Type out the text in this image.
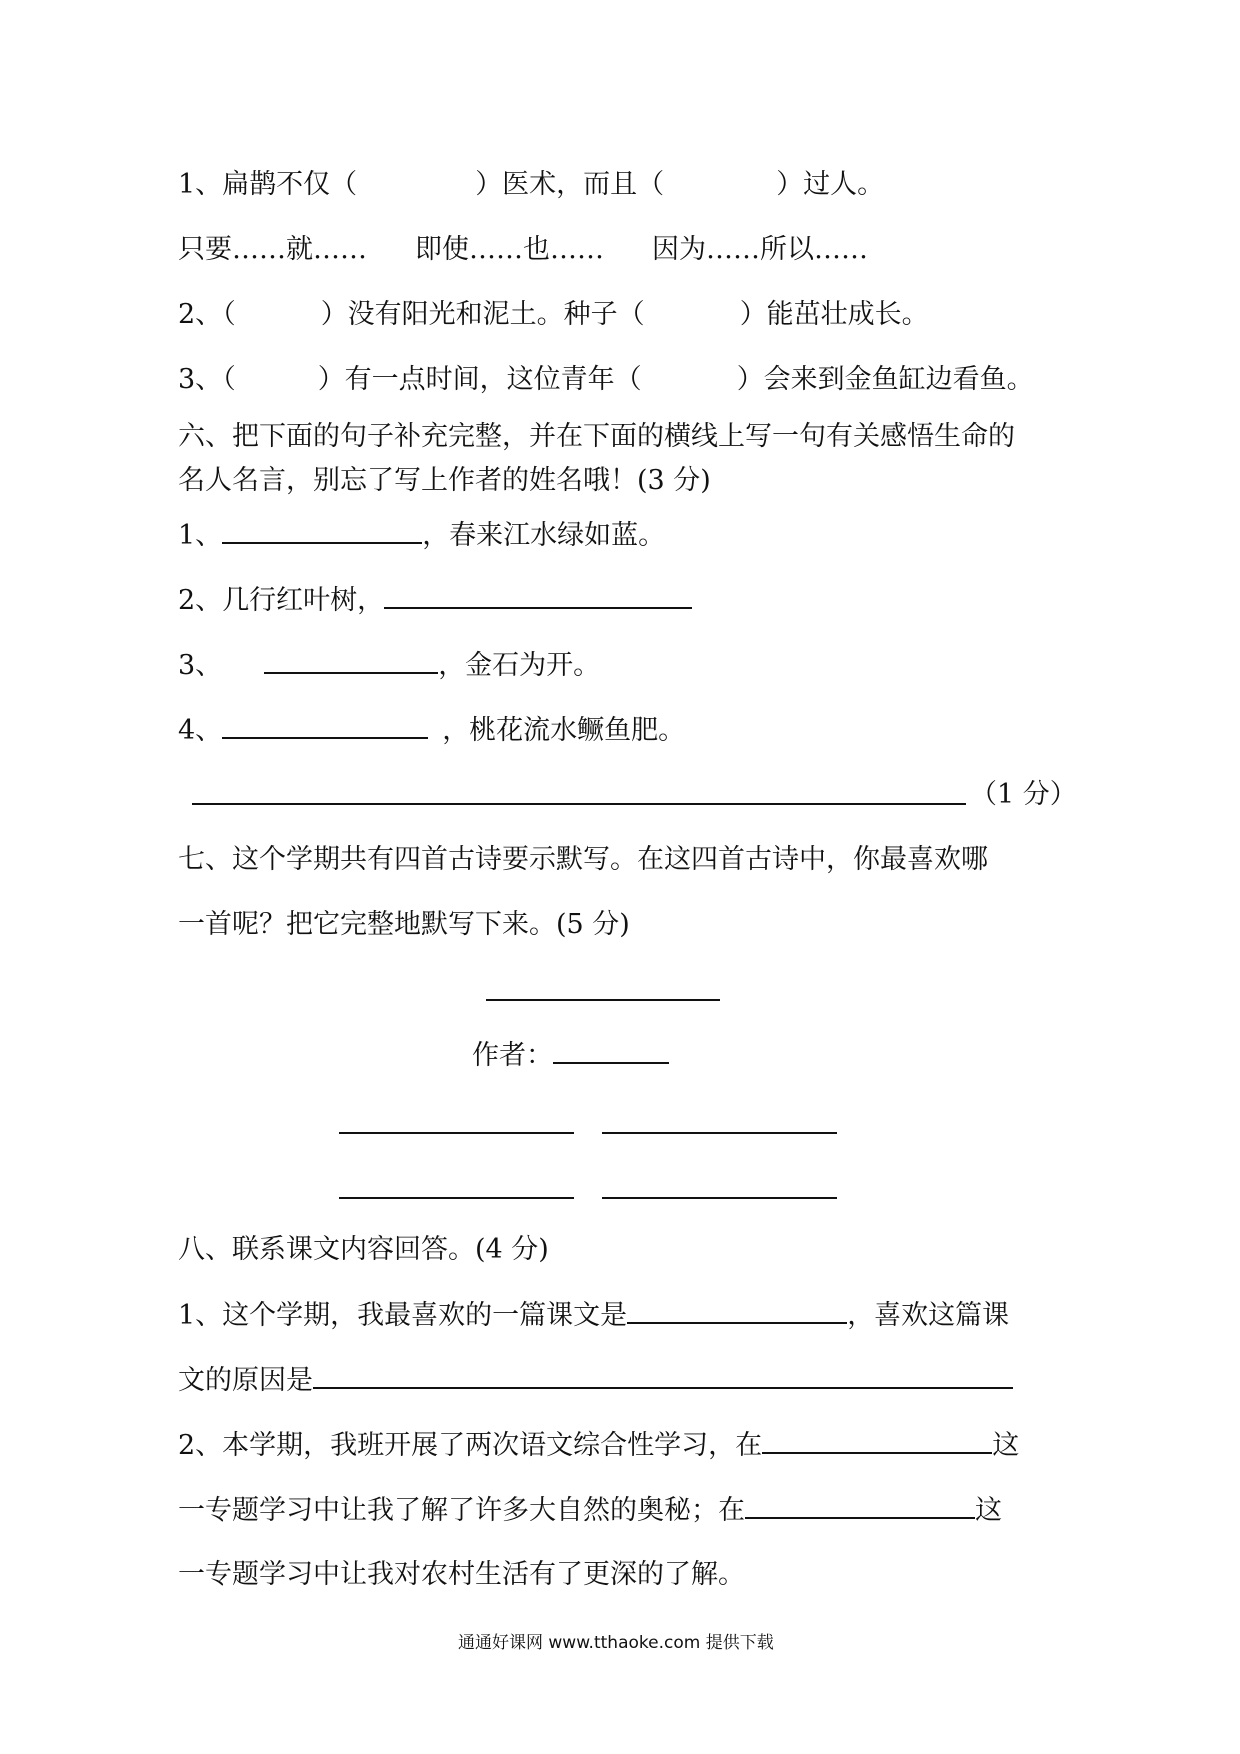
1、扁鹊不仅（	）医术，而且（	）过人。
只要……就…… 即使……也…… 因为……所以……
2、（	）没有阳光和泥土。种子（	）能茁壮成长。
3、（	）有一点时间，这位青年（	）会来到金鱼缸边看鱼。
六、把下面的句子补充完整，并在下面的横线上写一句有关感悟生命的
名人名言，别忘了写上作者的姓名哦！(3 分)
1、	，春来江水绿如蓝。
2、几行红叶树，
3、	，金石为开。
4、	，桃花流水鳜鱼肥。
（1 分）
七、这个学期共有四首古诗要示默写。在这四首古诗中，你最喜欢哪
一首呢？把它完整地默写下来。(5 分)
作者：
八、联系课文内容回答。(4 分)
1、这个学期，我最喜欢的一篇课文是	，喜欢这篇课
文的原因是
2、本学期，我班开展了两次语文综合性学习，在	这
一专题学习中让我了解了许多大自然的奥秘；在	这
一专题学习中让我对农村生活有了更深的了解。
通通好课网 www.tthaoke.com 提供下载
